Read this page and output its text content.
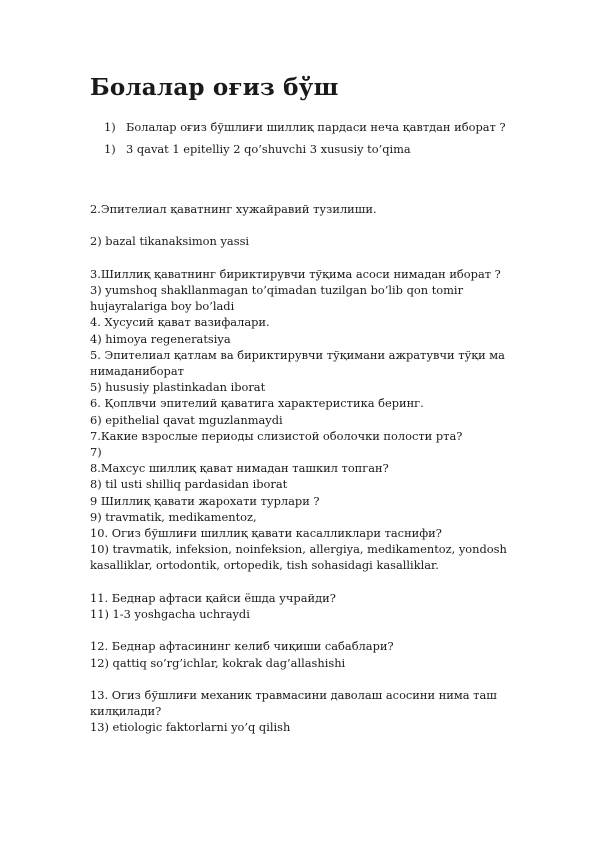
Болалар оғиз бўш
1) Болалар оғиз бўшлиғи шиллиқ пардаси неча қавтдан иборат ?
1) 3 qavat 1 epitelliy 2 qo’shuvchi 3 xususiy to’qima

2.Эпителиал қаватнинг хужайравий тузилиши.

2) bazal tikanaksimon yassi

3.Шиллиқ қаватнинг бириктирувчи тўқима асоси нимадан иборат ?

3) yumshoq shakllanmagan to’qimadan tuzilgan bo’lib qon tomir hujayralariga boy bo’ladi

4. Хусусий қават вазифалари.

4) himoya regeneratsiya

5. Эпителиал қатлам ва бириктирувчи тўқимани ажратувчи тўқи ма нимаданиборат

5) hususiy plastinkadan iborat

6. Қоплвчи эпителий қаватига характеристика беринг.

6) epithelial qavat mguzlanmaydi

7.Какие взрослые периоды слизистой оболочки полости рта?

7)

8.Махсус шиллиқ қават нимадан ташкил топган?

8) til usti shilliq pardasidan iborat

9 Шиллиқ қавати жарохати турлари ?

9) travmatik, medikamentoz,

10. Огиз бўшлиғи шиллиқ қавати касалликлари таснифи?

10) travmatik, infeksion, noinfeksion, allergiya, medikamentoz, yondosh kasalliklar, ortodontik, ortopedik, tish sohasidagi kasalliklar.

11. Беднар афтаси қайси ёшда учрайди?

11) 1-3 yoshgacha uchraydi

12. Беднар афтасининг келиб чиқиши сабаблари?

12) qattiq so’rg’ichlar, kokrak dag’allashishi

13. Огиз бўшлиғи механик травмасини даволаш асосини нима таш килқилади?

13) etiologic faktorlarni yo’q qilish
